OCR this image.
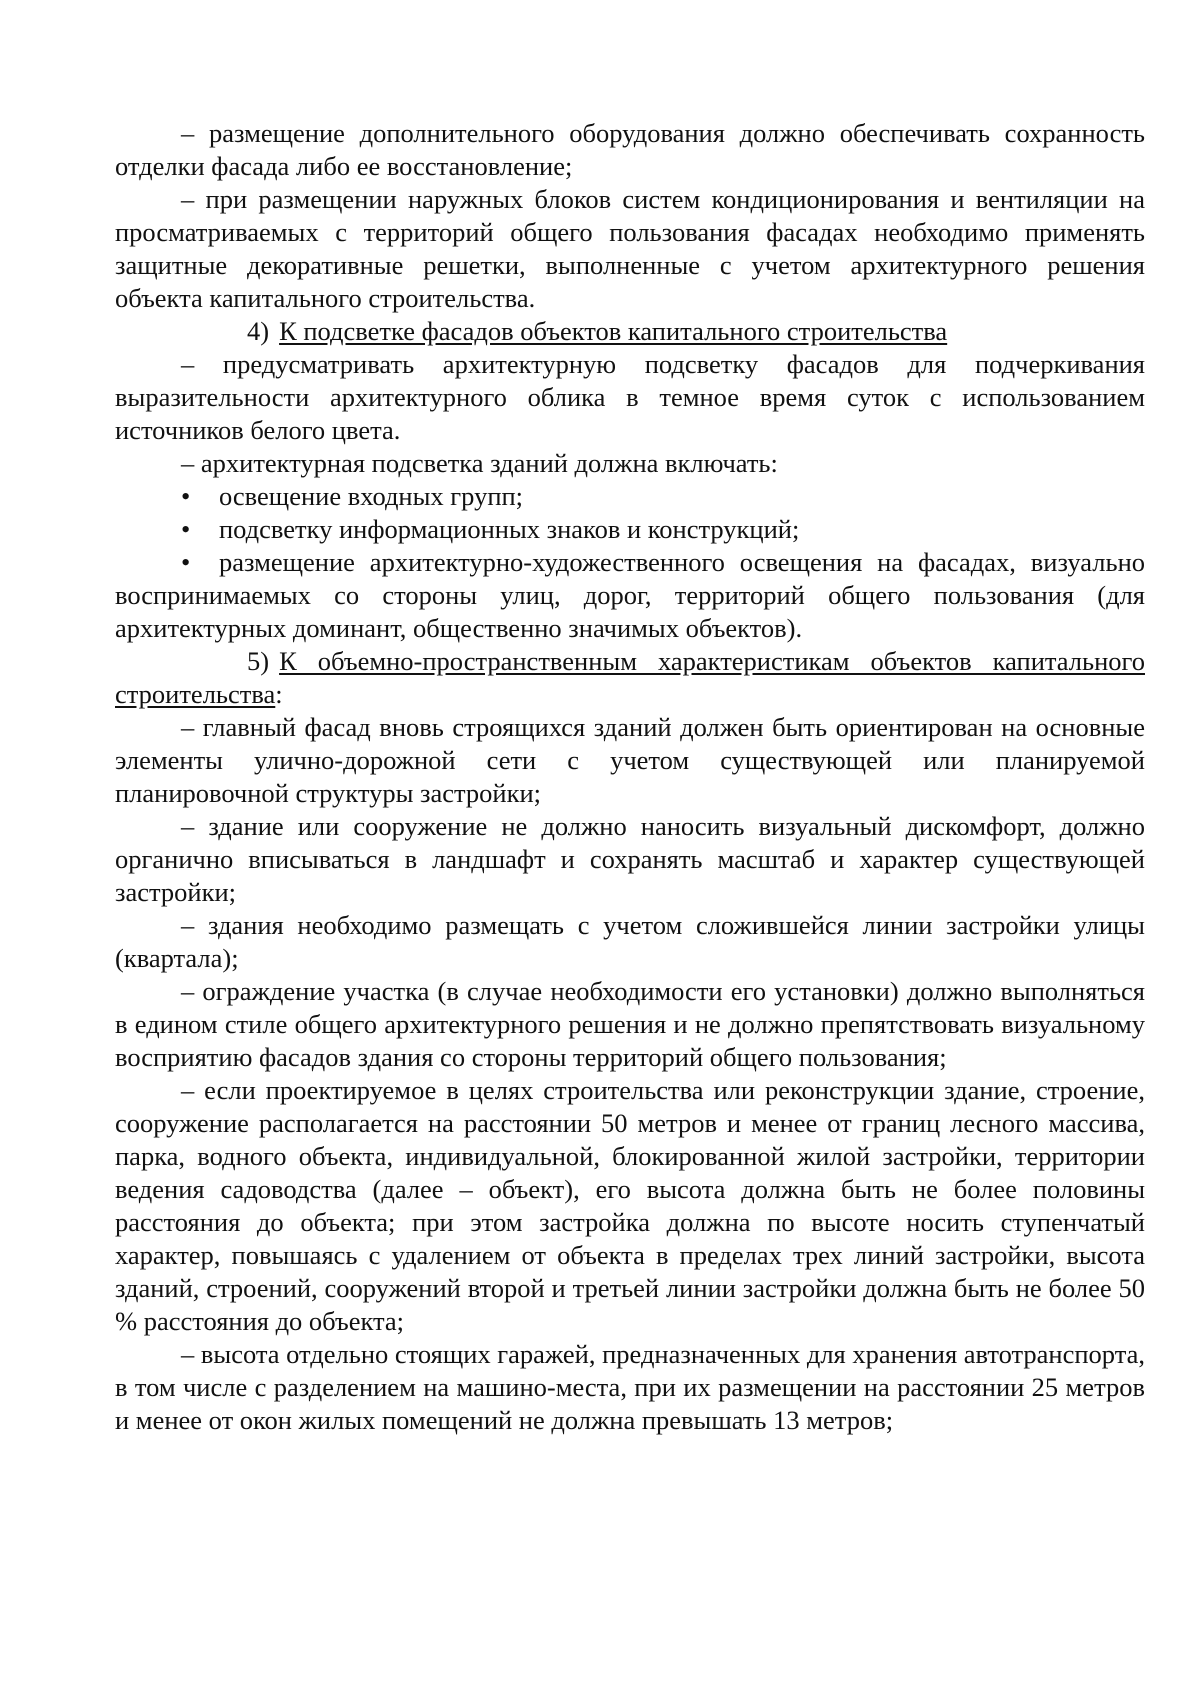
– размещение дополнительного оборудования должно обеспечивать сохранность отделки фасада либо ее восстановление;

– при размещении наружных блоков систем кондиционирования и вентиляции на просматриваемых с территорий общего пользования фасадах необходимо применять защитные декоративные решетки, выполненные с учетом архитектурного решения объекта капитального строительства.

4) К подсветке фасадов объектов капитального строительства

– предусматривать архитектурную подсветку фасадов для подчеркивания выразительности архитектурного облика в темное время суток с использованием источников белого цвета.

– архитектурная подсветка зданий должна включать:

• освещение входных групп;

• подсветку информационных знаков и конструкций;

• размещение архитектурно-художественного освещения на фасадах, визуально воспринимаемых со стороны улиц, дорог, территорий общего пользования (для архитектурных доминант, общественно значимых объектов).

5) К объемно-пространственным характеристикам объектов капитального строительства:

– главный фасад вновь строящихся зданий должен быть ориентирован на основные элементы улично-дорожной сети с учетом существующей или планируемой планировочной структуры застройки;

– здание или сооружение не должно наносить визуальный дискомфорт, должно органично вписываться в ландшафт и сохранять масштаб и характер существующей застройки;

– здания необходимо размещать с учетом сложившейся линии застройки улицы (квартала);

– ограждение участка (в случае необходимости его установки) должно выполняться в едином стиле общего архитектурного решения и не должно препятствовать визуальному восприятию фасадов здания со стороны территорий общего пользования;

– если проектируемое в целях строительства или реконструкции здание, строение, сооружение располагается на расстоянии 50 метров и менее от границ лесного массива, парка, водного объекта, индивидуальной, блокированной жилой застройки, территории ведения садоводства (далее – объект), его высота должна быть не более половины расстояния до объекта; при этом застройка должна по высоте носить ступенчатый характер, повышаясь с удалением от объекта в пределах трех линий застройки, высота зданий, строений, сооружений второй и третьей линии застройки должна быть не более 50 % расстояния до объекта;

– высота отдельно стоящих гаражей, предназначенных для хранения автотранспорта, в том числе с разделением на машино-места, при их размещении на расстоянии 25 метров и менее от окон жилых помещений не должна превышать 13 метров;
